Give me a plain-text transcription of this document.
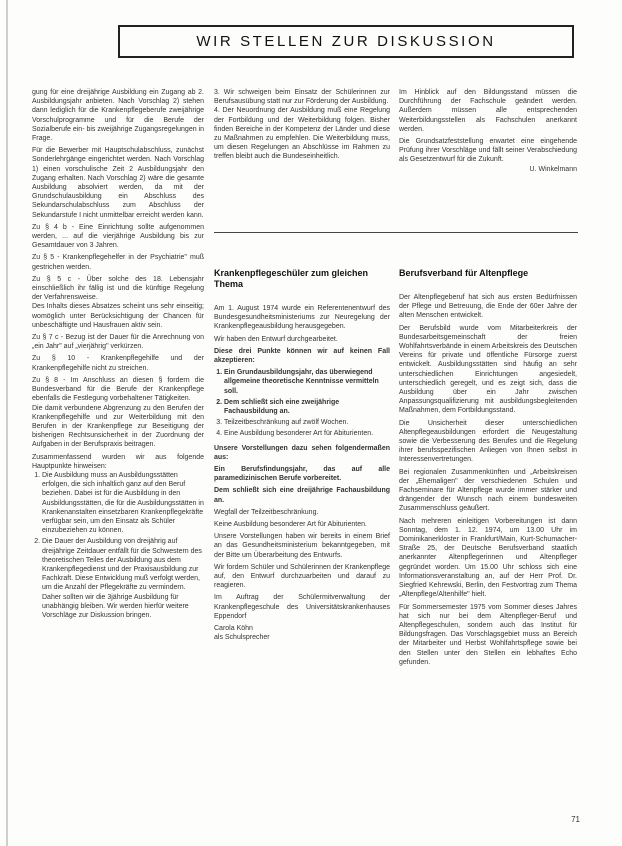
WIR STELLEN ZUR DISKUSSION

gung für eine dreijährige Ausbildung ein Zugang ab 2. Ausbildungsjahr anbieten. Nach Vorschlag 2) stehen dann lediglich für die Krankenpflegeberufe zweijährige Vorschulprogramme und für die Berufe der Sozialberufe ein- bis zweijährige Zugangsregelungen in Frage.

Für die Bewerber mit Hauptschulabschluss, zunächst Sonderlehrgänge eingerichtet werden. Nach Vorschlag 1) einen vorschulische Zeit 2 Ausbildungsjahr den Zugang erhalten. Nach Vorschlag 2) wäre die gesamte Ausbildung absolviert werden, da mit der Grundschulausbildung ein Abschluss des Sekundarschulabschluss zum Abschluss der Sekundarstufe I nicht unmittelbar erreicht werden kann.

Zu § 4 b - Eine Einrichtung sollte aufgenommen werden, ... auf die vierjährige Ausbildung bis zur Gesamtdauer von 3 Jahren.

Zu § 5 - Krankenpflegehelfer in der Psychiatrie" muß gestrichen werden.

Zu § 5 c - Über solche des 18. Lebensjahr einschließlich ihr fällig ist und die künftige Regelung der Verfahrensweise.

Des Inhalts dieses Absatzes scheint uns sehr einseitig; womöglich unter Berücksichtigung der Chancen für unbeschäftigte und Hausfrauen aktiv sein.

Zu § 7 c - Bezug ist der Dauer für die Anrechnung von „ein Jahr" auf „vierjährig" verkürzen.

Zu § 10 - Krankenpflegehilfe und der Krankenpflegehilfe nicht zu streichen.

Zu § 8 - Im Anschluss an diesen § fordern die Bundesverband für die Berufe der Krankenpflege ebenfalls die Festlegung vorbehaltener Tätigkeiten.

Die damit verbundene Abgrenzung zu den Berufen der Krankenpflegehilfe und zur Weiterbildung mit den Berufen in der Krankenpflege zur Beseitigung der bisherigen Rechtsunsicherheit in der Zuordnung der Aufgaben in der Berufspraxis beitragen.

Zusammenfassend wurden wir aus folgende Hauptpunkte hinweisen:

1. Die Ausbildung muss an Ausbildungsstätten erfolgen, die sich inhaltlich ganz auf den Beruf beziehen. Dabei ist für die Ausbildung in den Ausbildungsstätten, die für die Ausbildungsstätten in Krankenanstalten einsetzbaren Krankenpflegekräfte verfügbar sein, um den Einsatz als Schüler einzubeziehen zu können.
2. Die Dauer der Ausbildung von dreijährig auf dreijährige Zeitdauer entfällt für die Schwestern des theoretischen Teiles der Ausbildung aus dem Krankenpflegedienst und der Praxisausbildung zur Fachkraft. Diese Entwicklung muß verfolgt werden, um die Anzahl der Pflegekräfte zu vermindern. Daher sollten wir die 3jährige Ausbildung für unabhängig bleiben. Wir werden hierfür weitere Vorschläge zur Diskussion bringen.

3. Wir schweigen beim Einsatz der Schülerinnen zur Berufsausübung statt nur zur Förderung der Ausbildung.

4. Der Neuordnung der Ausbildung muß eine Regelung der Fortbildung und der Weiterbildung folgen. Bisher finden Bereiche in der Kompetenz der Länder und diese zu Maßnahmen zu empfehlen. Die Weiterbildung muss, um diesen Regelungen an Abschlüsse im Rahmen zu treffen bleibt auch die Bundeseinheitlich.

Krankenpflegeschüler zum gleichen Thema

Am 1. August 1974 wurde ein Referentenentwurf des Bundesgesundheitsministeriums zur Neuregelung der Krankenpflegeausbildung herausgegeben.

Wir haben den Entwurf durchgearbeitet.

Diese drei Punkte können wir auf keinen Fall akzeptieren:

1. Ein Grundausbildungsjahr, das überwiegend allgemeine theoretische Kenntnisse vermitteln soll.
2. Dem schließt sich eine zweijährige Fachausbildung an.
3. Teilzeitbeschränkung auf zwölf Wochen.
4. Eine Ausbildung besonderer Art für Abiturienten.

Unsere Vorstellungen dazu sehen folgendermaßen aus:

Ein Berufsfindungsjahr, das auf alle paramedizinischen Berufe vorbereitet.

Dem schließt sich eine dreijährige Fachausbildung an.

Wegfall der Teilzeitbeschränkung.

Keine Ausbildung besonderer Art für Abiturienten.

Unsere Vorstellungen haben wir bereits in einem Brief an das Gesundheitsministerium bekanntgegeben, mit der Bitte um Überarbeitung des Entwurfs.

Wir fordern Schüler und Schülerinnen der Krankenpflege auf, den Entwurf durchzuarbeiten und darauf zu reagieren.

Im Auftrag der Schülermitverwaltung der Krankenpflegeschule des Universitätskrankenhauses Eppendorf

Carola Köhn

als Schulsprecher

Im Hinblick auf den Bildungsstand müssen die Durchführung der Fachschule geändert werden. Außerdem müssen alle entsprechenden Weiterbildungsstellen als Fachschulen anerkannt werden.

Die Grundsatzfeststellung erwartet eine eingehende Prüfung ihrer Vorschläge und fällt seiner Verabschiedung als Gesetzentwurf für die Zukunft.

U. Winkelmann

Berufsverband für Altenpflege

Der Altenpflegeberuf hat sich aus ersten Bedürfnissen der Pflege und Betreuung, die Ende der 60er Jahre der alten Menschen entwickelt.

Der Berufsbild wurde vom Mitarbeiterkreis der Bundesarbeitsgemeinschaft der freien Wohlfahrtsverbände in einem Arbeitskreis des Deutschen Vereins für private und öffentliche Fürsorge zuerst entwickelt. Ausbildungsstätten sind häufig an sehr unterschiedlichen Einrichtungen angesiedelt, unterschiedlich geregelt, und es zeigt sich, dass die Ausbildung über ein Jahr zwischen Anpassungsqualifizierung mit ausbildungsbegleitenden Maßnahmen, dem Fortbildungsstand.

Die Unsicherheit dieser unterschiedlichen Altenpflegeausbildungen erfordert die Neugestaltung sowie die Verbesserung des Berufes und die Regelung ihrer berufsspezifischen Anliegen von Ihnen selbst in Interessenvertretungen.

Bei regionalen Zusammenkünften und „Arbeitskreisen der „Ehemaligen" der verschiedenen Schulen und Fachseminare für Altenpflege wurde immer stärker und drängender der Wunsch nach einem bundesweiten Zusammenschluss geäußert.

Nach mehreren einleitigen Vorbereitungen ist dann Sonntag, dem 1. 12. 1974, um 13.00 Uhr im Dominikanerkloster in Frankfurt/Main, Kurt-Schumacher-Straße 25, der Deutsche Berufsverband staatlich anerkannter Altenpflegerinnen und Altenpfleger gegründet worden. Um 15.00 Uhr schloss sich eine Informationsveranstaltung an, auf der Herr Prof. Dr. Siegfried Kehrewski, Berlin, den Festvortrag zum Thema „Altenpflege/Altenhilfe" hielt.

Für Sommersemester 1975 vom Sommer dieses Jahres hat sich nur bei dem Altenpfleger-Beruf und Altenpflegeschulen, sondern auch das Institut für Bildungsfragen. Das Vorschlagsgebiet muss an Bereich der Mitarbeiter und Herbst Wohlfahrtspflege sowie bei den Stellen unter den Stellen ein lebhaftes Echo gefunden.

71
